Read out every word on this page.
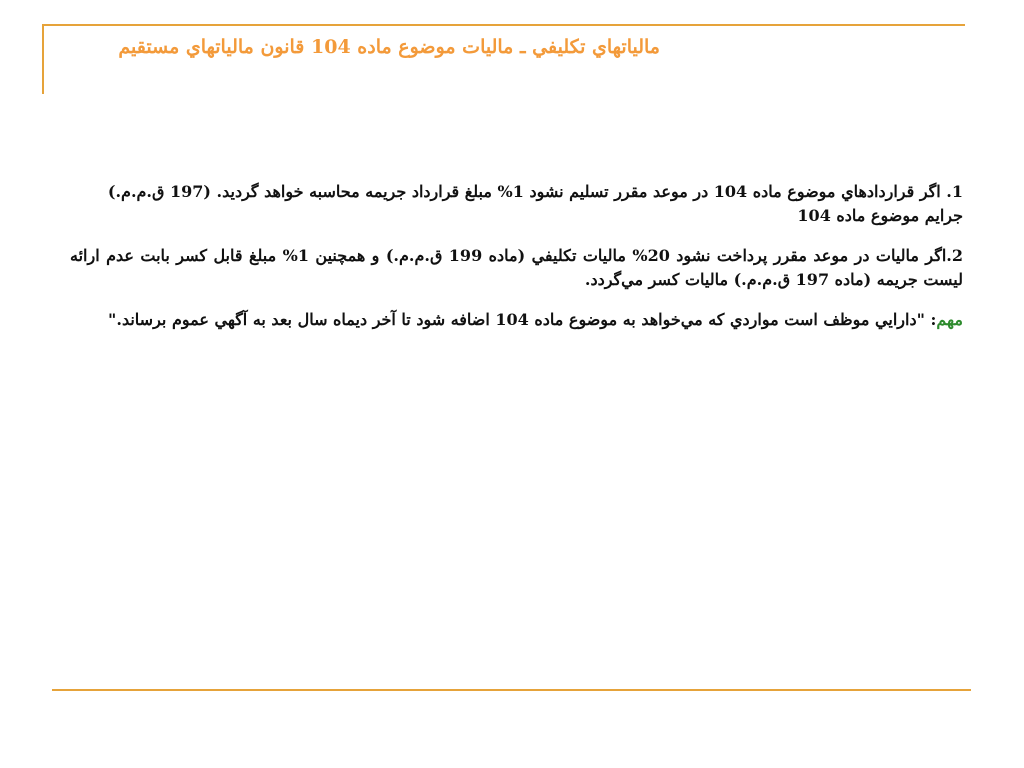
مالياتهاي تكليفي ـ ماليات موضوع ماده 104 قانون مالياتهاي مستقيم

1. اگر قراردادهاي موضوع ماده 104 در موعد مقرر تسليم نشود 1% مبلغ قرارداد جريمه محاسبه خواهد گرديد. (197 ق.م.م.)

جرايم موضوع ماده 104

2.اگر ماليات در موعد مقرر پرداخت نشود 20% ماليات تكليفي (ماده 199 ق.م.م.) و همچنين 1% مبلغ قابل كسر بابت عدم ارائه ليست جريمه (ماده 197 ق.م.م.) ماليات كسر مي‌گردد.

مهم: "دارايي موظف است مواردي كه مي‌خواهد به موضوع ماده 104 اضافه شود تا آخر ديماه سال بعد به آگهي عموم برساند."
